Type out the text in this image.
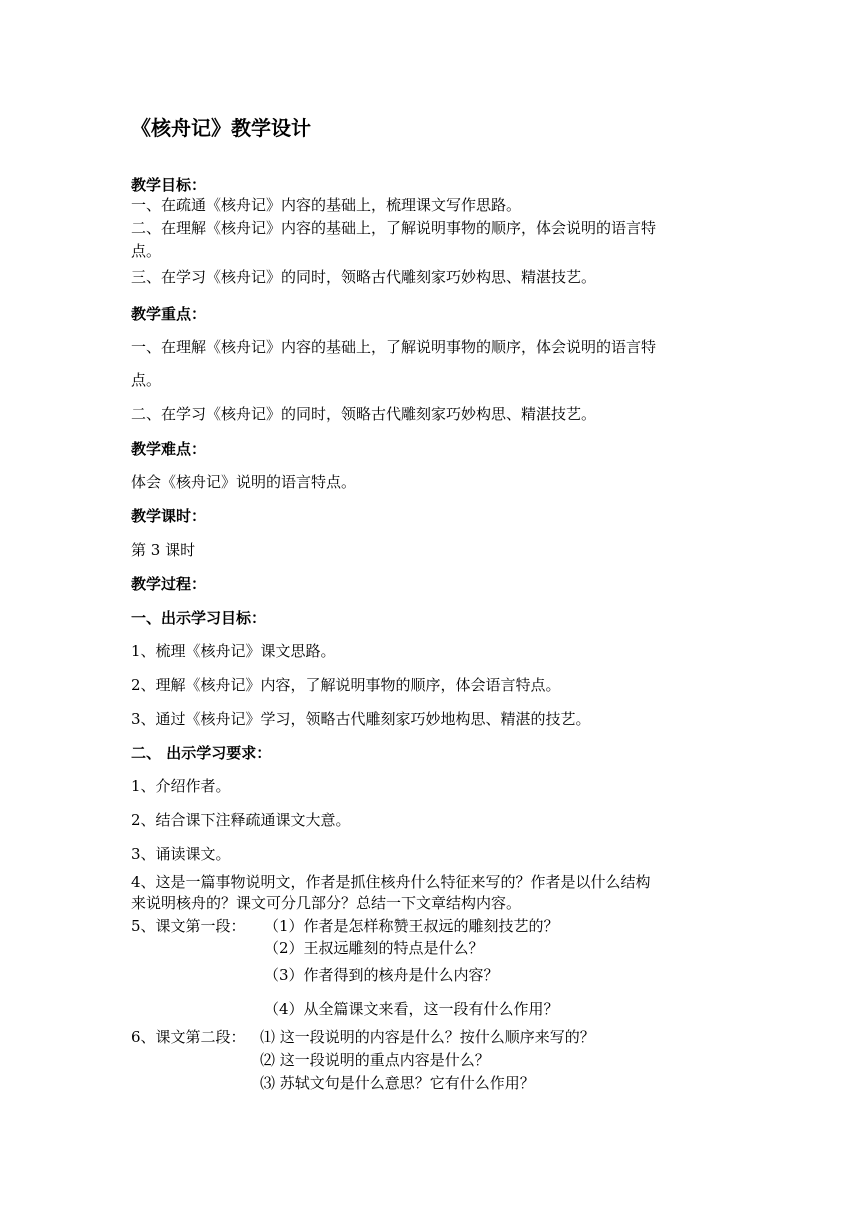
《核舟记》教学设计
教学目标：
一、在疏通《核舟记》内容的基础上，梳理课文写作思路。
二、在理解《核舟记》内容的基础上，了解说明事物的顺序，体会说明的语言特
点。
三、在学习《核舟记》的同时，领略古代雕刻家巧妙构思、精湛技艺。
教学重点：
一、在理解《核舟记》内容的基础上，了解说明事物的顺序，体会说明的语言特
点。
二、在学习《核舟记》的同时，领略古代雕刻家巧妙构思、精湛技艺。
教学难点：
体会《核舟记》说明的语言特点。
教学课时：
第 3 课时
教学过程：
一、出示学习目标：
1、梳理《核舟记》课文思路。
2、理解《核舟记》内容，了解说明事物的顺序，体会语言特点。
3、通过《核舟记》学习，领略古代雕刻家巧妙地构思、精湛的技艺。
二、 出示学习要求：
1、介绍作者。
2、结合课下注释疏通课文大意。
3、诵读课文。
4、这是一篇事物说明文，作者是抓住核舟什么特征来写的？作者是以什么结构
来说明核舟的？课文可分几部分？总结一下文章结构内容。
5、课文第一段： （1）作者是怎样称赞王叔远的雕刻技艺的？
（2）王叔远雕刻的特点是什么？
（3）作者得到的核舟是什么内容？
（4）从全篇课文来看，这一段有什么作用？
6、课文第二段： ⑴ 这一段说明的内容是什么？按什么顺序来写的？
⑵ 这一段说明的重点内容是什么？
⑶ 苏轼文句是什么意思？它有什么作用？
